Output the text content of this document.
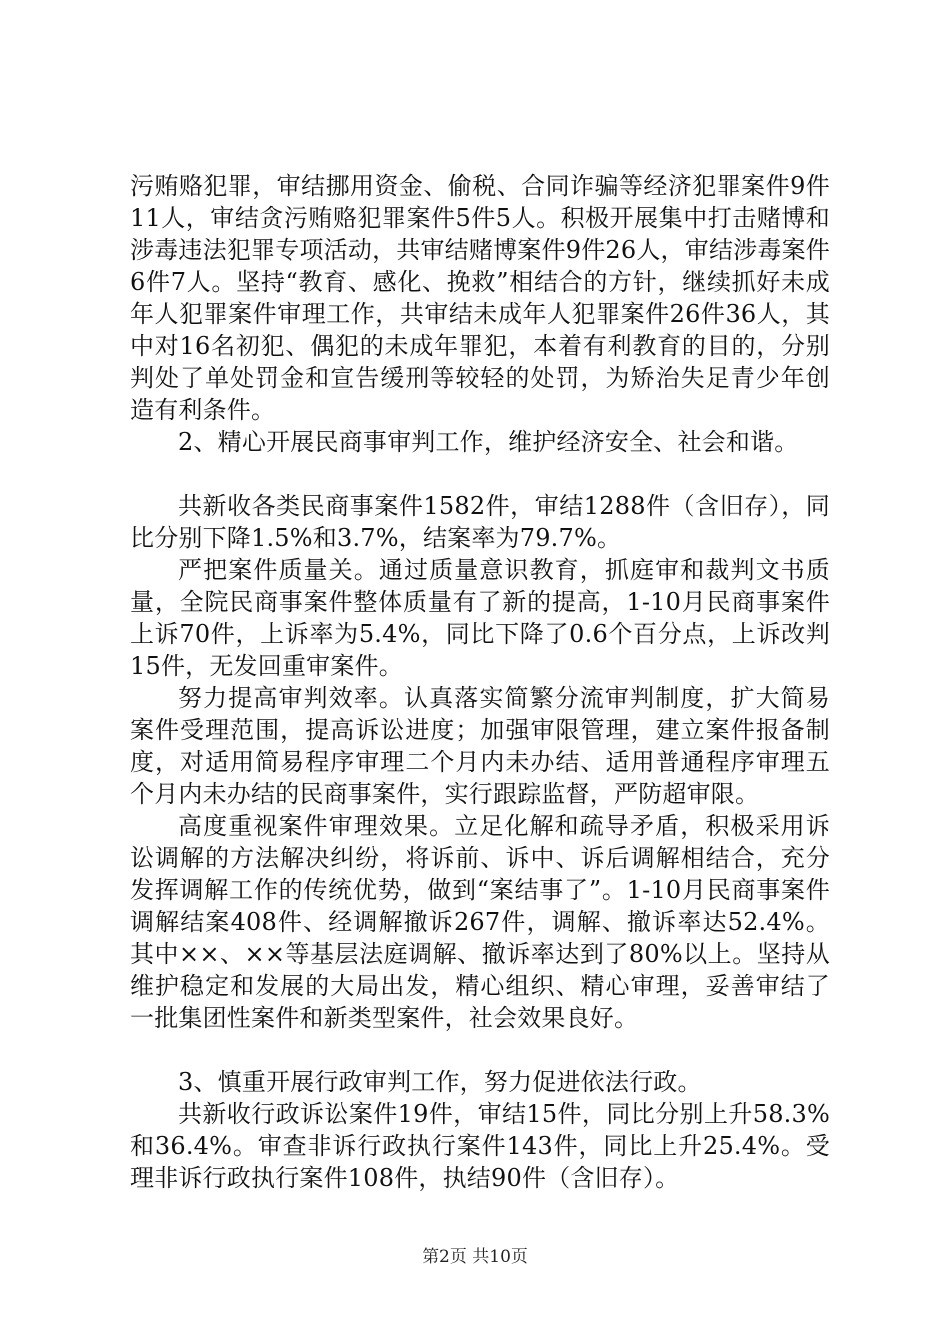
污贿赂犯罪，审结挪用资金、偷税、合同诈骗等经济犯罪案件9件11人，审结贪污贿赂犯罪案件5件5人。积极开展集中打击赌博和涉毒违法犯罪专项活动，共审结赌博案件9件26人，审结涉毒案件6件7人。坚持“教育、感化、挽救”相结合的方针，继续抓好未成年人犯罪案件审理工作，共审结未成年人犯罪案件26件36人，其中对16名初犯、偶犯的未成年罪犯，本着有利教育的目的，分别判处了单处罚金和宣告缓刑等较轻的处罚，为矫治失足青少年创造有利条件。

2、精心开展民商事审判工作，维护经济安全、社会和谐。

共新收各类民商事案件1582件，审结1288件（含旧存），同比分别下降1.5%和3.7%，结案率为79.7%。

严把案件质量关。通过质量意识教育，抓庭审和裁判文书质量，全院民商事案件整体质量有了新的提高，1-10月民商事案件上诉70件，上诉率为5.4%，同比下降了0.6个百分点，上诉改判15件，无发回重审案件。

努力提高审判效率。认真落实简繁分流审判制度，扩大简易案件受理范围，提高诉讼进度；加强审限管理，建立案件报备制度，对适用简易程序审理二个月内未办结、适用普通程序审理五个月内未办结的民商事案件，实行跟踪监督，严防超审限。

高度重视案件审理效果。立足化解和疏导矛盾，积极采用诉讼调解的方法解决纠纷，将诉前、诉中、诉后调解相结合，充分发挥调解工作的传统优势，做到“案结事了”。1-10月民商事案件调解结案408件、经调解撤诉267件，调解、撤诉率达52.4%。其中××、××等基层法庭调解、撤诉率达到了80%以上。坚持从维护稳定和发展的大局出发，精心组织、精心审理，妥善审结了一批集团性案件和新类型案件，社会效果良好。

3、慎重开展行政审判工作，努力促进依法行政。

共新收行政诉讼案件19件，审结15件，同比分别上升58.3%和36.4%。审查非诉行政执行案件143件，同比上升25.4%。受理非诉行政执行案件108件，执结90件（含旧存）。

第2页 共10页
